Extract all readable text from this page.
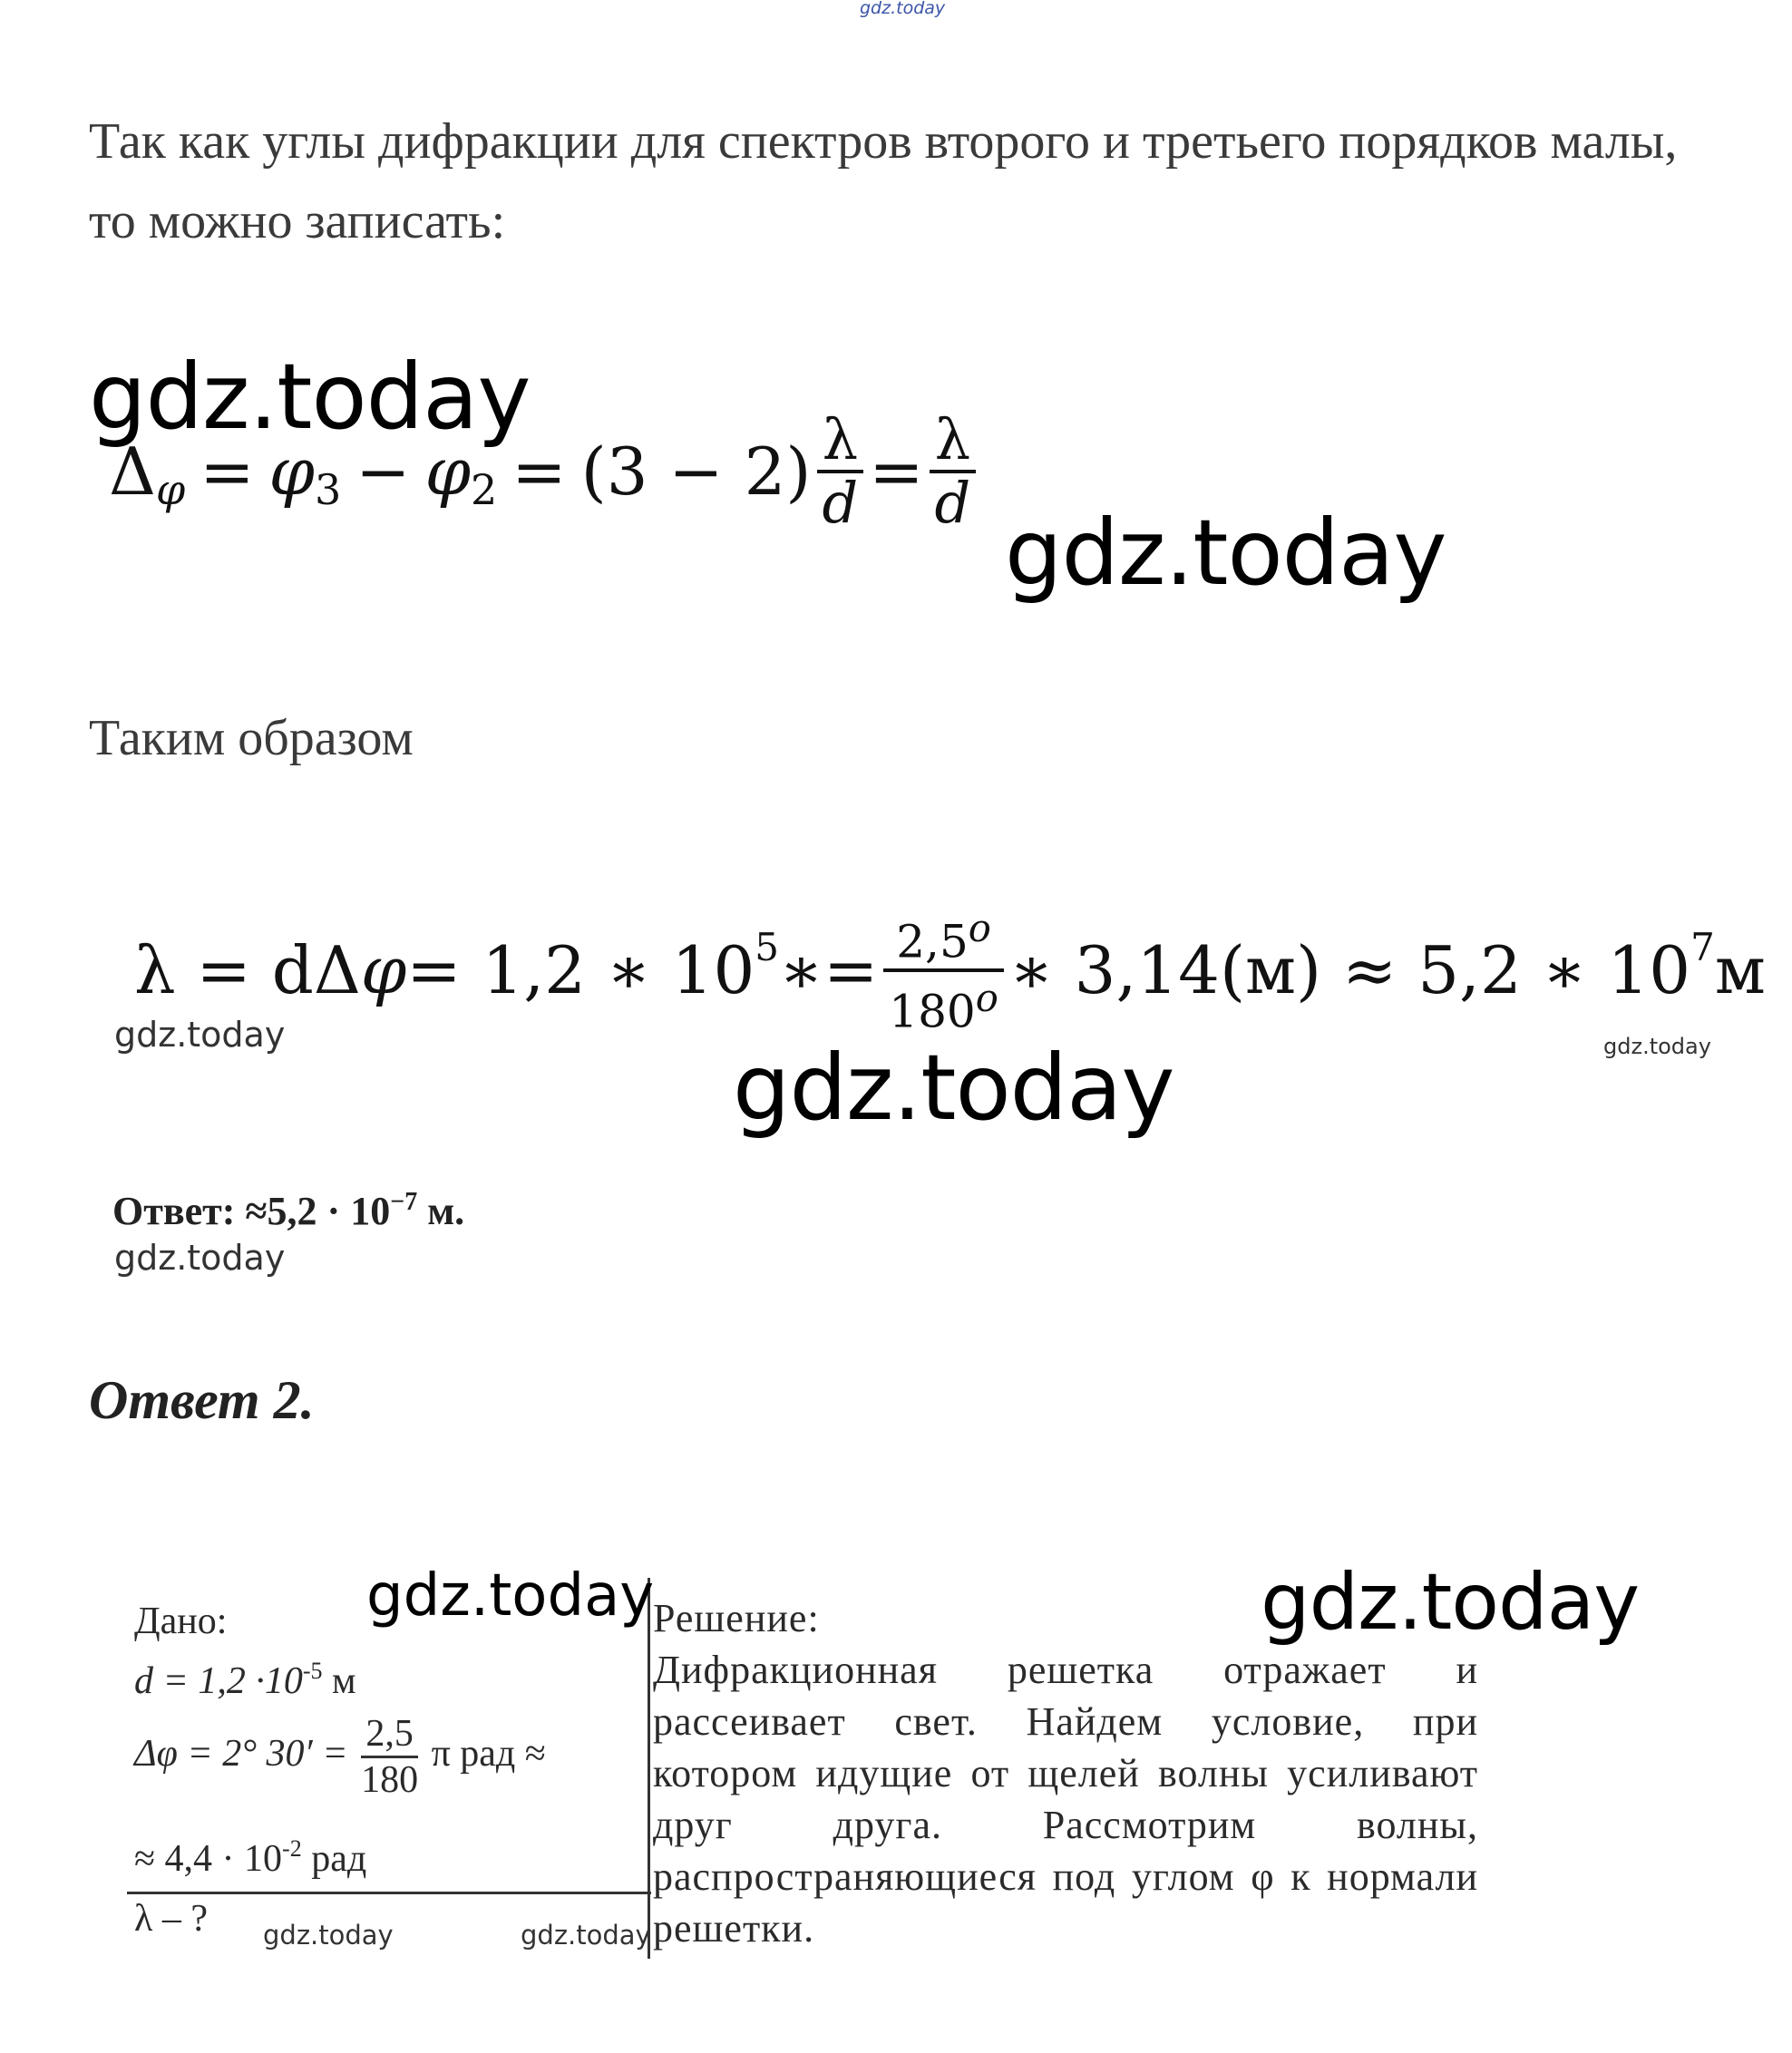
gdz.today
Так как углы дифракции для спектров второго и третьего порядков малы, то можно записать:
gdz.today
Δ φ = φ 3 − φ $2 = (3 - 2) \frac{\lambda}{d} = \frac{\lambda}{d}$
gdz.today
Таким образом
λ = dΔ φ = 1,2 ∗ 10 5 ∗= $\frac{2,5^o}{180^o}$ ∗ 3,14(м) ≈ 5,2 ∗ 10 7 м
gdz.today	gdz.today
gdz.today
Ответ: $\approx 5,2 \cdot 10^{-7}$ м.
gdz.today
Ответ 2.
Дано:
$d = 1,2 \cdot 10^{-5}$ м
Δφ = 2° $30' = \frac{2,5}{180}$ π рад ≈
≈ $4,4 \cdot 10^{-2}$ рад
λ – ?

Решение:

Дифракционная решетка отражает и рассеивает свет. Найдем условие, при котором идущие от щелей волны усиливают друг друга. Рассмотрим волны, распространяющиеся под углом φ к нормали решетки.

gdz.today	gdz.today
gdz.today	gdz.today
